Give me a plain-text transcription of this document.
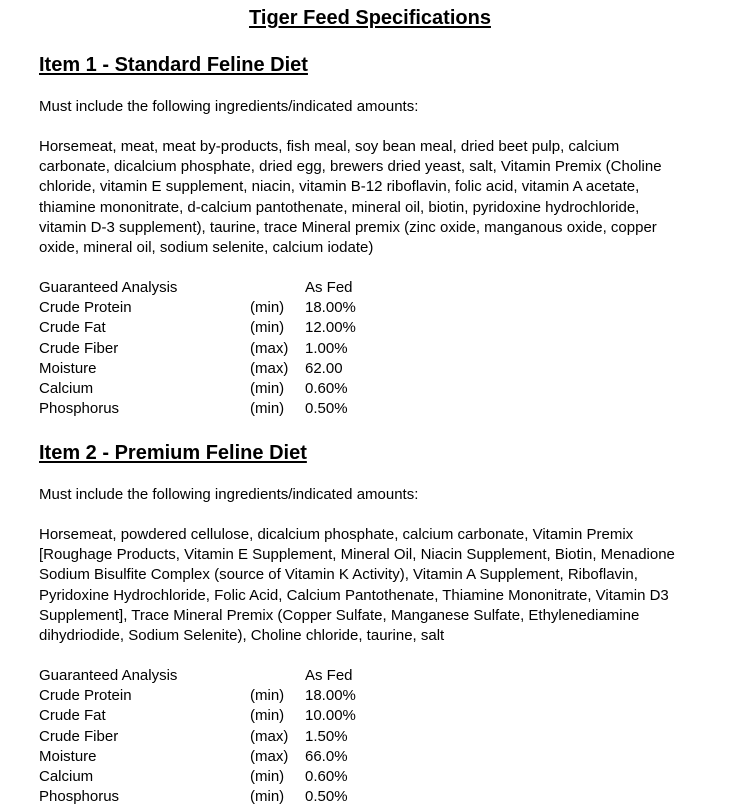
Tiger Feed Specifications
Item 1 - Standard Feline Diet
Must include the following ingredients/indicated amounts:
Horsemeat, meat, meat by-products, fish meal, soy bean meal, dried beet pulp, calcium
carbonate, dicalcium phosphate, dried egg, brewers dried yeast, salt, Vitamin Premix (Choline
chloride, vitamin E supplement, niacin, vitamin B-12 riboflavin, folic acid, vitamin A acetate,
thiamine mononitrate, d-calcium pantothenate, mineral oil, biotin, pyridoxine hydrochloride,
vitamin D-3 supplement), taurine, trace Mineral premix (zinc oxide, manganous oxide, copper
oxide, mineral oil, sodium selenite, calcium iodate)
Guaranteed Analysis	As Fed
Crude Protein	(min) 18.00%
Crude Fat	(min) 12.00%
Crude Fiber	(max) 1.00%
Moisture	(max) 62.00
Calcium	(min) 0.60%
Phosphorus	(min) 0.50%
Item 2 - Premium Feline Diet
Must include the following ingredients/indicated amounts:
Horsemeat, powdered cellulose, dicalcium phosphate, calcium carbonate, Vitamin Premix
[Roughage Products, Vitamin E Supplement, Mineral Oil, Niacin Supplement, Biotin, Menadione
Sodium Bisulfite Complex (source of Vitamin K Activity), Vitamin A Supplement, Riboflavin,
Pyridoxine Hydrochloride, Folic Acid, Calcium Pantothenate, Thiamine Mononitrate, Vitamin D3
Supplement], Trace Mineral Premix (Copper Sulfate, Manganese Sulfate, Ethylenediamine
dihydriodide, Sodium Selenite), Choline chloride, taurine, salt
Guaranteed Analysis	As Fed
Crude Protein	(min) 18.00%
Crude Fat	(min) 10.00%
Crude Fiber	(max) 1.50%
Moisture	(max) 66.0%
Calcium	(min) 0.60%
Phosphorus	(min) 0.50%
